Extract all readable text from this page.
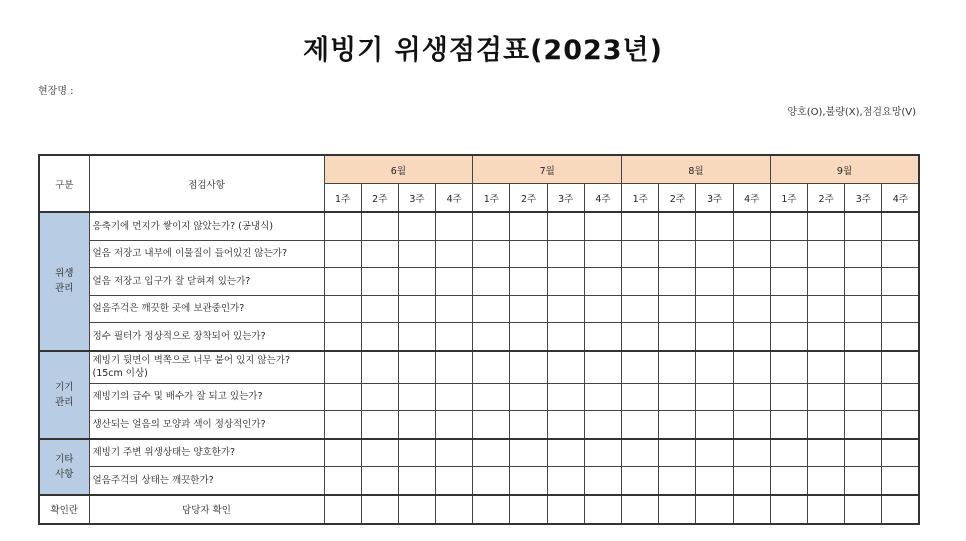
제빙기 위생점검표(2023년)
현장명 :
양호(O),불량(X),점검요망(V)
구분	점검사항	6월				7월				8월				9월			
		1주	2주	3주	4주	1주	2주	3주	4주	1주	2주	3주	4주	1주	2주	3주	4주
위생
관리	응축기에 먼지가 쌓이지 않았는가? (공냉식)																
	얼음 저장고 내부에 이물질이 들어있진 않는가?																
	얼음 저장고 입구가 잘 닫혀져 있는가?																
	얼음주걱은 깨끗한 곳에 보관중인가?																
	정수 필터가 정상적으로 장착되어 있는가?																
기기
관리	제빙기 뒷면이 벽쪽으로 너무 붙어 있지 않는가?
(15cm 이상)																
	제빙기의 급수 및 배수가 잘 되고 있는가?																
	생산되는 얼음의 모양과 색이 정상적인가?																
기타
사항	제빙기 주변 위생상태는 양호한가?																
	얼음주걱의 상태는 깨끗한가?																
확인란	담당자 확인																
